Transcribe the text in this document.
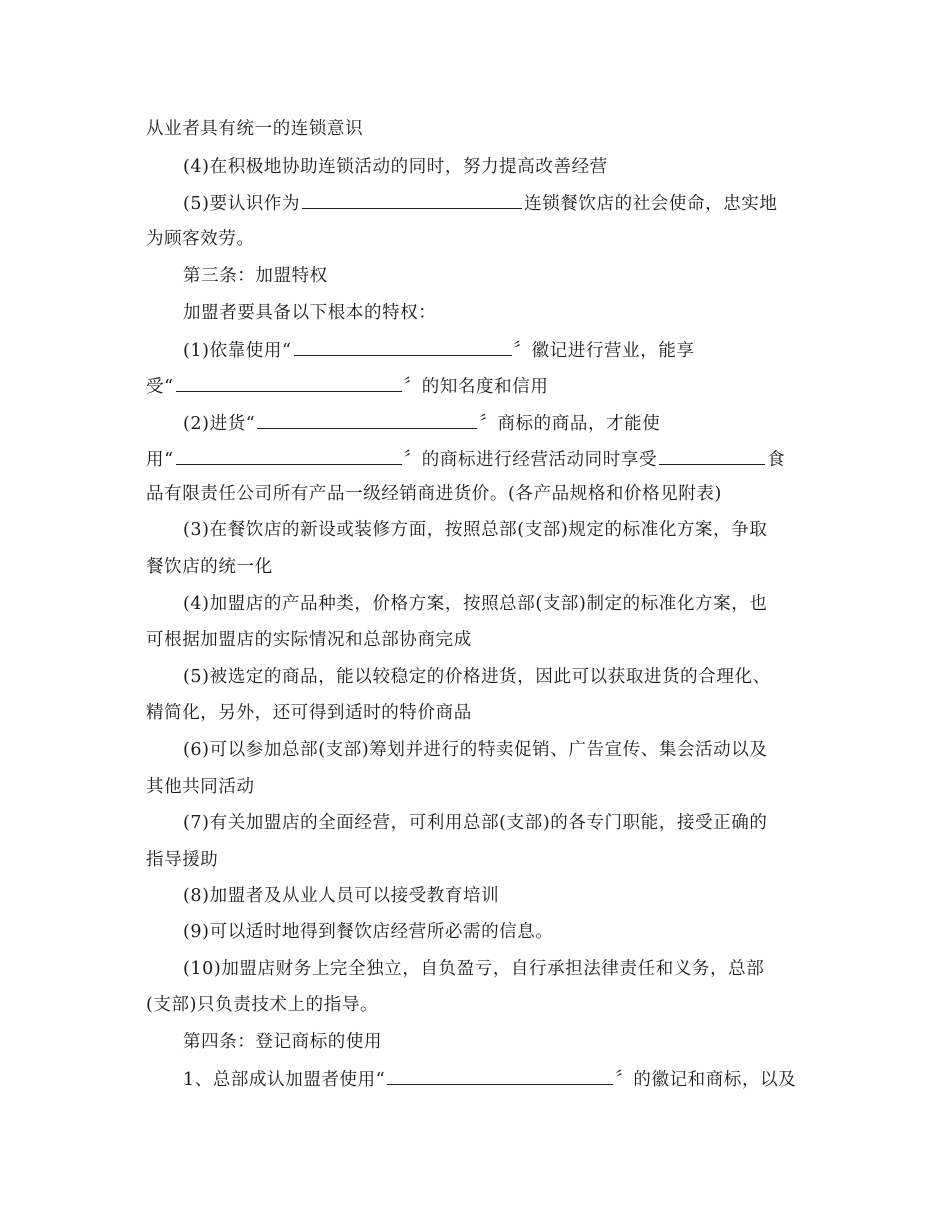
从业者具有统一的连锁意识
(4)在积极地协助连锁活动的同时，努力提高改善经营
(5)要认识作为	连锁餐饮店的社会使命，忠实地
为顾客效劳。
第三条：加盟特权
加盟者要具备以下根本的特权：
(1)依靠使用“	〞徽记进行营业，能享
受“	〞的知名度和信用
(2)进货“	〞商标的商品，才能使
用“	〞的商标进行经营活动同时享受	食
品有限责任公司所有产品一级经销商进货价。(各产品规格和价格见附表)
(3)在餐饮店的新设或装修方面，按照总部(支部)规定的标准化方案，争取
餐饮店的统一化
(4)加盟店的产品种类，价格方案，按照总部(支部)制定的标准化方案，也
可根据加盟店的实际情况和总部协商完成
(5)被选定的商品，能以较稳定的价格进货，因此可以获取进货的合理化、
精简化，另外，还可得到适时的特价商品
(6)可以参加总部(支部)筹划并进行的特卖促销、广告宣传、集会活动以及
其他共同活动
(7)有关加盟店的全面经营，可利用总部(支部)的各专门职能，接受正确的
指导援助
(8)加盟者及从业人员可以接受教育培训
(9)可以适时地得到餐饮店经营所必需的信息。
(10)加盟店财务上完全独立，自负盈亏，自行承担法律责任和义务，总部
(支部)只负责技术上的指导。
第四条：登记商标的使用
1、总部成认加盟者使用“	〞的徽记和商标，以及
